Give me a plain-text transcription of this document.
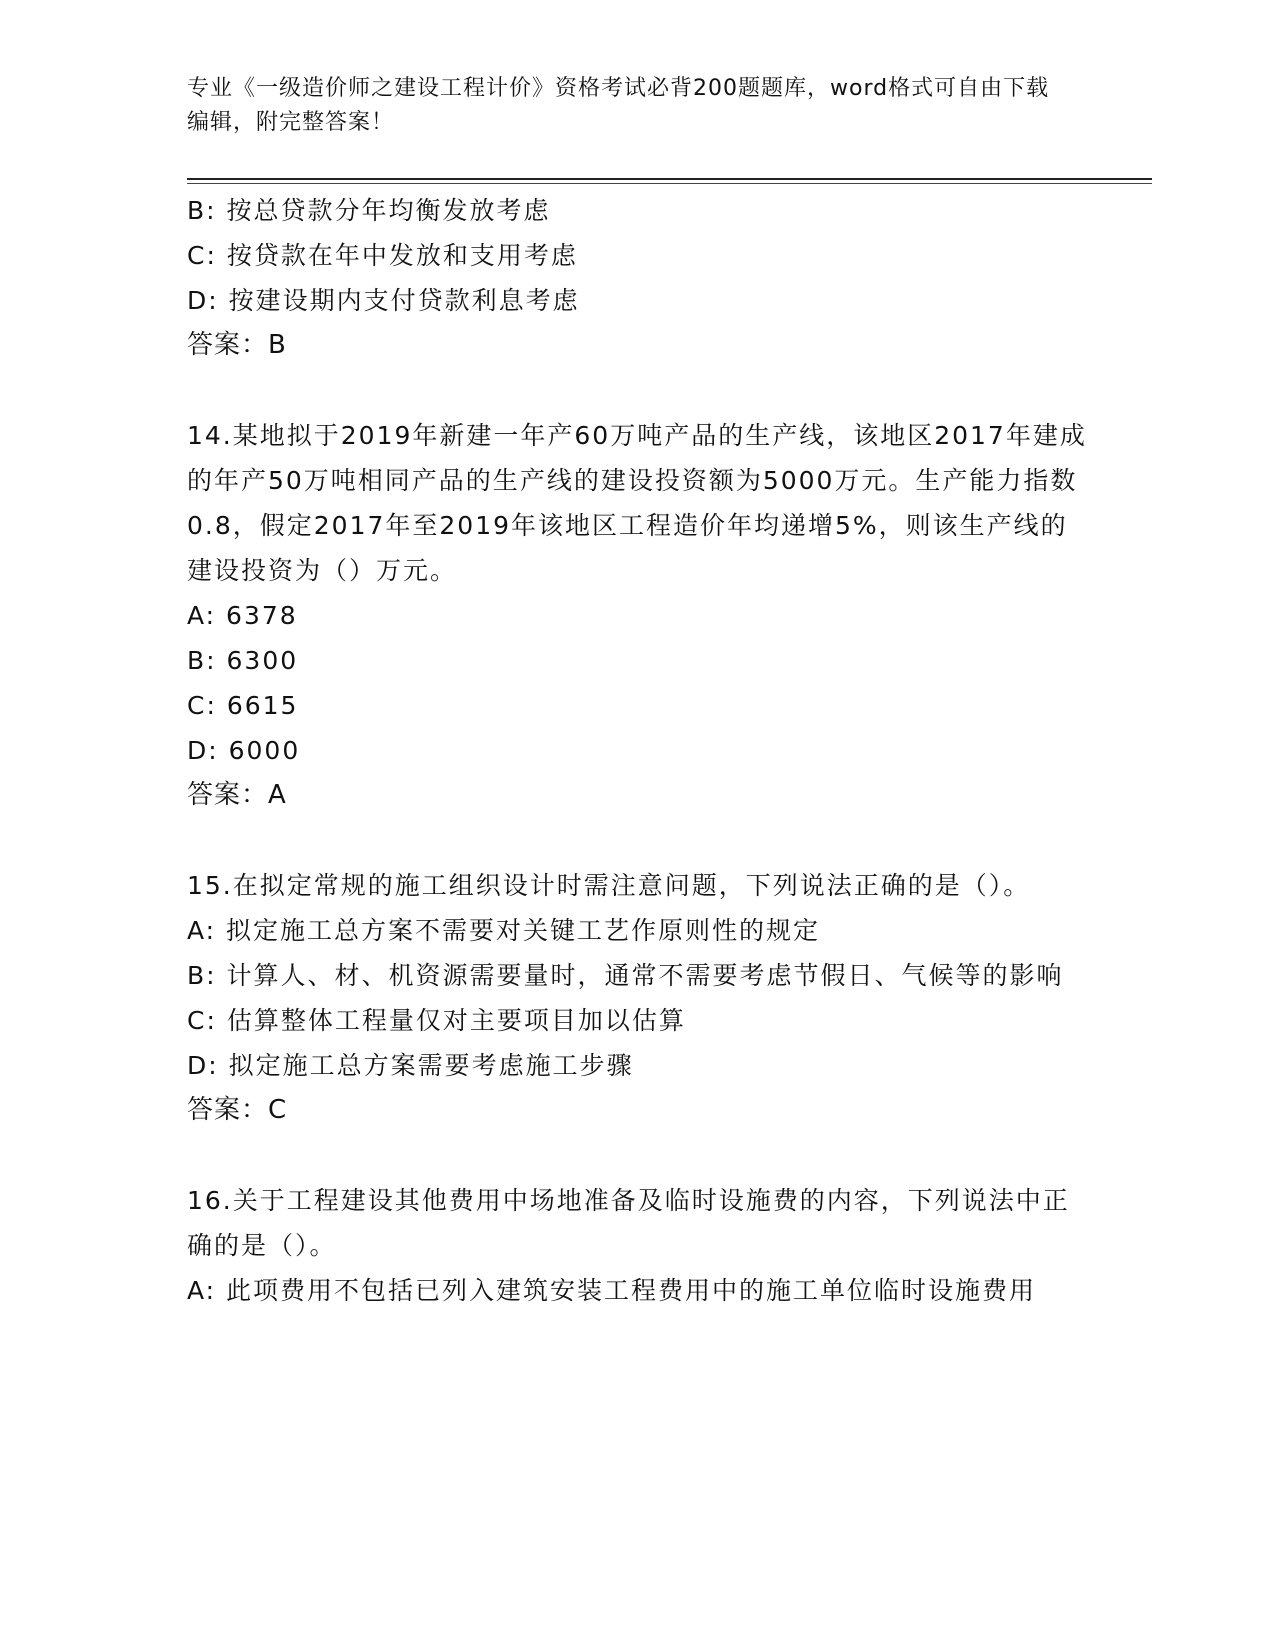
专业《一级造价师之建设工程计价》资格考试必背200题题库，word格式可自由下载编辑，附完整答案！

B: 按总贷款分年均衡发放考虑

C: 按贷款在年中发放和支用考虑

D: 按建设期内支付贷款利息考虑

答案：B

14.某地拟于2019年新建一年产60万吨产品的生产线，该地区2017年建成的年产50万吨相同产品的生产线的建设投资额为5000万元。生产能力指数0.8，假定2017年至2019年该地区工程造价年均递增5%，则该生产线的建设投资为（）万元。

A: 6378

B: 6300

C: 6615

D: 6000

答案：A

15.在拟定常规的施工组织设计时需注意问题，下列说法正确的是（）。

A: 拟定施工总方案不需要对关键工艺作原则性的规定

B: 计算人、材、机资源需要量时，通常不需要考虑节假日、气候等的影响

C: 估算整体工程量仅对主要项目加以估算

D: 拟定施工总方案需要考虑施工步骤

答案：C

16.关于工程建设其他费用中场地准备及临时设施费的内容，下列说法中正确的是（）。

A: 此项费用不包括已列入建筑安装工程费用中的施工单位临时设施费用
